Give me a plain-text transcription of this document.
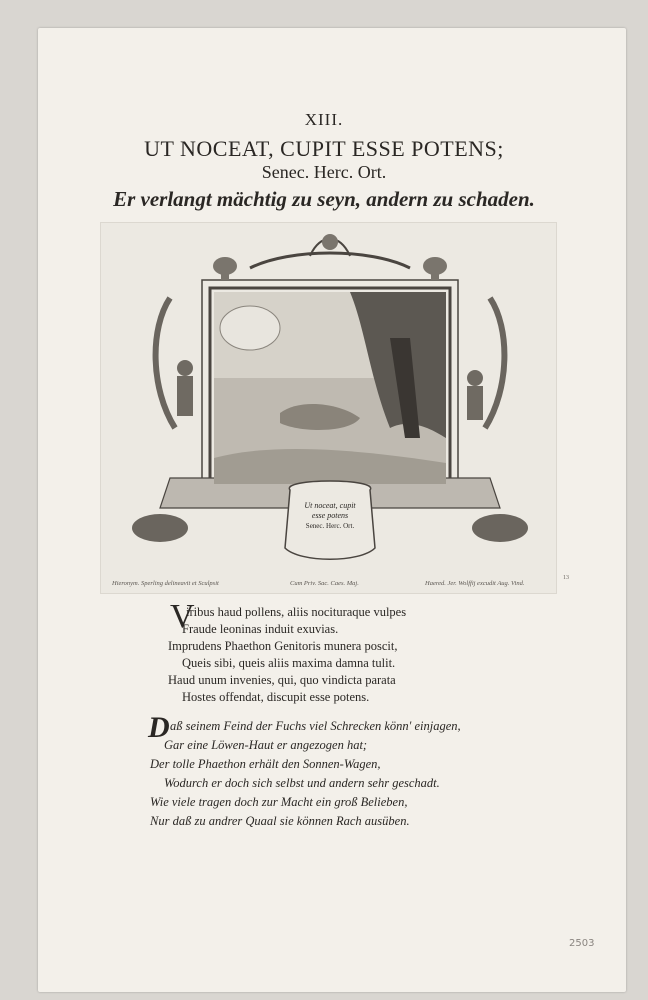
XIII.
UT NOCEAT, CUPIT ESSE POTENS;
Senec. Herc. Ort.
Er verlangt mächtig zu seyn, andern zu schaden.
Ut noceat, cupit
esse potens
Senec. Herc. Ort.
Hieronym. Sperling delineavit et Sculpsit	Cum Priv. Sac. Caes. Maj.	Haered. Jer. Wolffij excudit Aug. Vind.
13
V
iribus haud pollens, aliis nocituraque vulpes
Fraude leoninas induit exuvias.
Imprudens Phaethon Genitoris munera poscit,
Queis sibi, queis aliis maxima damna tulit.
Haud unum invenies, qui, quo vindicta parata
Hostes offendat, discupit esse potens.
D aß seinem Feind der Fuchs viel Schrecken könn' einjagen,
Gar eine Löwen-Haut er angezogen hat;
Der tolle Phaethon erhält den Sonnen-Wagen,
Wodurch er doch sich selbst und andern sehr geschadt.
Wie viele tragen doch zur Macht ein groß Belieben,
Nur daß zu andrer Quaal sie können Rach ausüben.
2503
